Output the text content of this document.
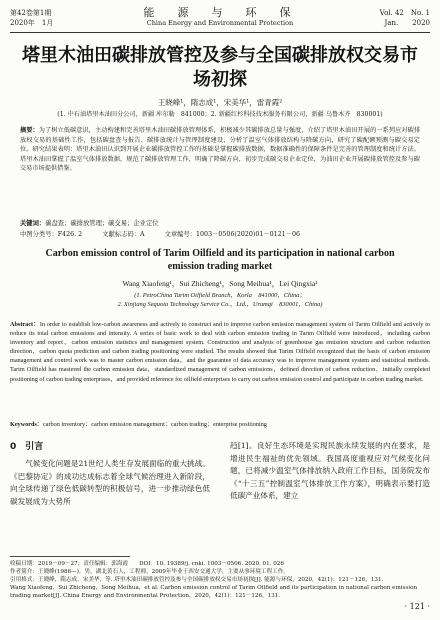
第42卷第1期
2020年　1月
能　源　与　环　保
China Energy and Environmental Protection
Vol. 42　No. 1
Jan.　　2020
塔里木油田碳排放管控及参与全国碳排放权交易市场初探
王晓峰¹，隋志成¹，宋美华¹，雷青霞²
(1. 中石油塔里木油田分公司，新疆 库尔勒　841000；2. 新疆红杉科技技术服务有限公司，新疆 乌鲁木齐　830001)
摘要：为了树立低碳意识，主动构建和完善塔里木油田碳排放管理体系，积极减少其碳排放总量与强度，介绍了塔里木油田开展的一系列应对碳排放权交易的基础性工作，包括碳盘查与报告、碳排放统计与管理制度建设、分析了温室气体排放结构与降碳方向，研究了碳配额预测与碳交易定位。研究结果表明：塔里木油田认识到开展企业碳排放管控工作的基础是掌握碳排放数据，数据准确性的保障条件是完善的管理制度和统计方法。塔里木油田掌握了温室气体排放数据，规范了碳排放管理工作，明确了降碳方向，初步完成碳交易企业定位，为油田企业开展碳排放管控及参与碳交易市场提供借鉴。
关键词：碳盘查；碳排放管理；碳交易；企业定位
中图分类号：F426. 2	文献标志码：A	文章编号：1003－0506(2020)01－0121－06
Carbon emission control of Tarim Oilfield and its participation in national carbon emission trading market
Wang Xiaofeng¹，Sui Zhicheng¹，Song Meihua¹，Lei Qingxia²
(1. PetroChina Tarim Oilfield Branch，Korla　841000，China；
2. Xinjiang Sequoia Technology Service Co.，Ltd.，Urumqi　830001，China)
Abstract：In order to establish low-carbon awareness and actively to construct and to improve carbon emission management system of Tarim Oilfield and actively to reduce its total carbon emissions and intensity. A series of basic work to deal with carbon emission trading in Tarim Oilfield were introduced，including carbon inventory and report，carbon emission statistics and management system. Construction and analysis of greenhouse gas emission structure and carbon reduction direction，carbon quota prediction and carbon trading positioning were studied. The results showed that Tarim Oilfield recognized that the basis of carbon emission management and control work was to master carbon emission data，and the guarantee of data accuracy was to improve management system and statistical methods. Tarim Oilfield has mastered the carbon emission data，standardized management of carbon emissions，defined direction of carbon reduction，initially completed positioning of carbon trading enterprises，and provided reference for oilfield enterprises to carry out carbon emission control and participate in carbon trading market.
Keywords：carbon inventory；carbon emission management；carbon trading；enterprise positioning
0　引言

气候变化问题是21世纪人类生存发展面临的重大挑战。《巴黎协定》的成功达成标志着全球气候治理进入新阶段，向全球传递了绿色低碳转型的积极信号，进一步推动绿色低碳发展成为大势所

趋[1]。良好生态环境是实现民族永续发展的内在要求，是增进民生福祉的优先领域。我国高度重视应对气候变化问题，已将减少温室气体排放纳入政府工作目标，国务院发布《“十三五”控制温室气体排放工作方案》，明确表示要打造低碳产业体系，建立

收稿日期：2019－09－27；责任编辑：郭海霞　　DOI：10. 19389/j. cnki. 1003－0506. 2020. 01. 026
作者简介：王晓峰(1986—)，男，湖北黄石人，工程师，2009年毕业于西安交通大学，主要从事环境工程工作。
引用格式：王晓峰，隋志成，宋美华，等. 塔里木油田碳排放管控及参与全国碳排放权交易市场初探[J]. 能源与环保，2020，42(1)：121－126，131.
Wang Xiaofeng，Sui Zhicheng，Song Meihua，et al. Carbon emission control of Tarim Oilfield and its participation in national carbon emission trading market[J]. China Energy and Environmental Protection，2020，42(1)：121－126，131.
· 121 ·
